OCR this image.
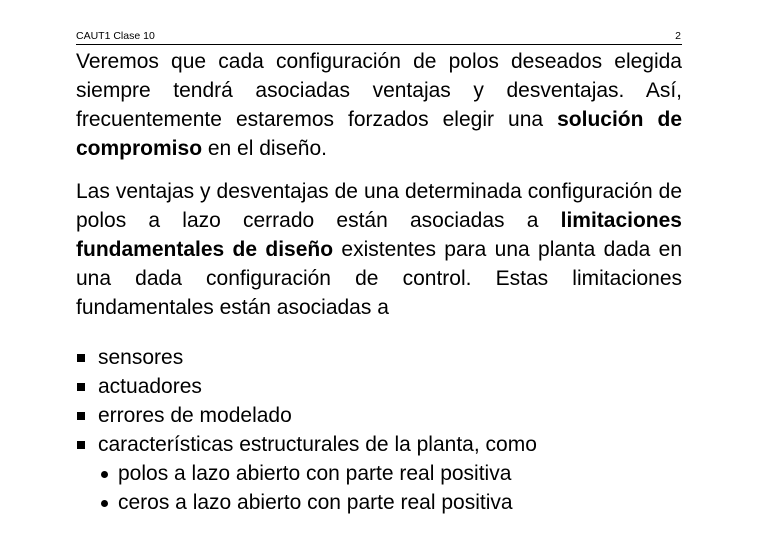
CAUT1 Clase 10	2

Veremos que cada configuración de polos deseados elegida siempre tendrá asociadas ventajas y desventajas. Así, frecuentemente estaremos forzados elegir una solución de compromiso en el diseño.

Las ventajas y desventajas de una determinada configuración de polos a lazo cerrado están asociadas a limitaciones fundamentales de diseño existentes para una planta dada en una dada configuración de control. Estas limitaciones fundamentales están asociadas a

sensores
actuadores
errores de modelado
características estructurales de la planta, como
polos a lazo abierto con parte real positiva
ceros a lazo abierto con parte real positiva
